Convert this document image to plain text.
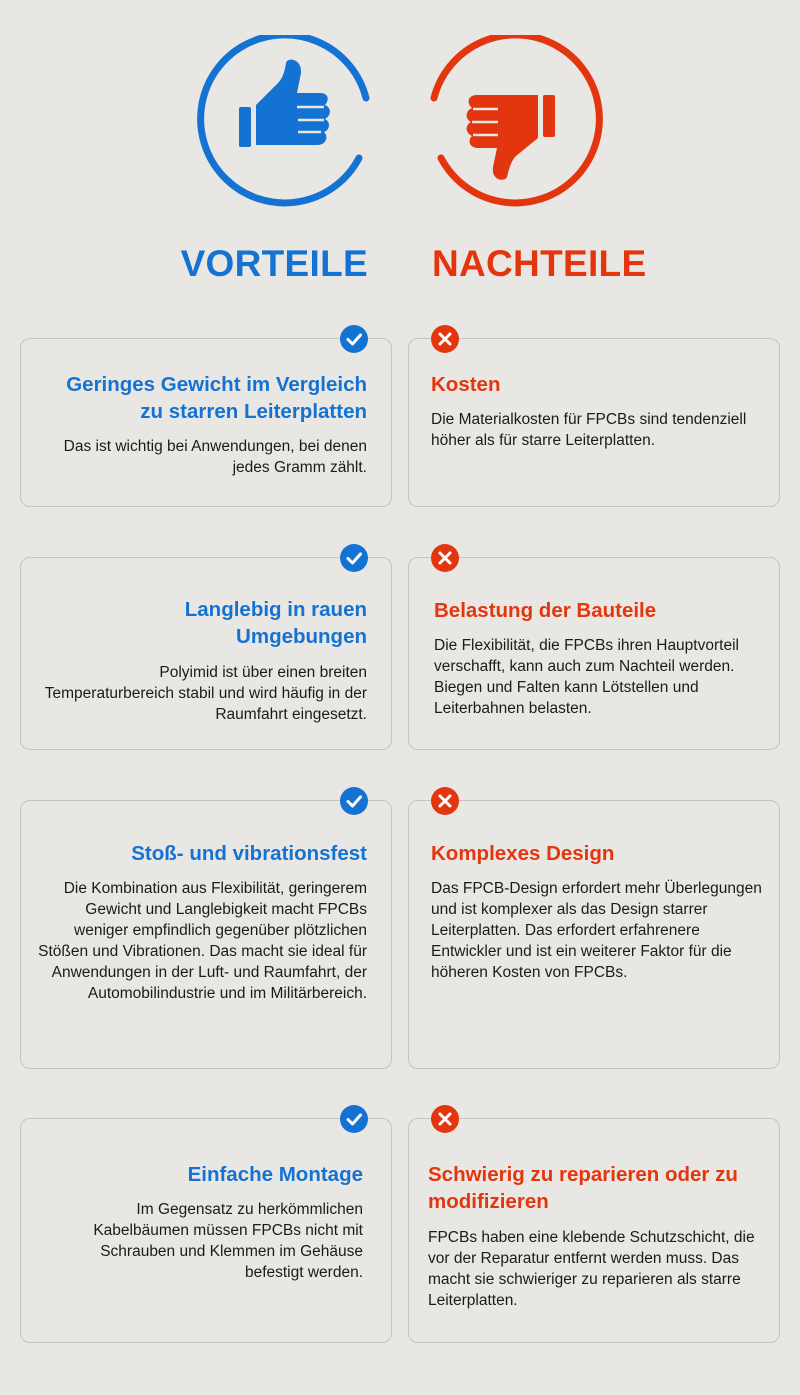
VORTEILE NACHTEILE
Geringes Gewicht im Vergleich zu starren Leiterplatten

Das ist wichtig bei Anwendungen, bei denen jedes Gramm zählt.

Kosten

Die Materialkosten für FPCBs sind tendenziell höher als für starre Leiterplatten.

Langlebig in rauen Umgebungen

Polyimid ist über einen breiten Temperaturbereich stabil und wird häufig in der Raumfahrt eingesetzt.

Belastung der Bauteile

Die Flexibilität, die FPCBs ihren Hauptvorteil verschafft, kann auch zum Nachteil werden. Biegen und Falten kann Lötstellen und Leiterbahnen belasten.

Stoß- und vibrationsfest

Die Kombination aus Flexibilität, geringerem Gewicht und Langlebigkeit macht FPCBs weniger empfindlich gegenüber plötzlichen Stößen und Vibrationen. Das macht sie ideal für Anwendungen in der Luft- und Raumfahrt, der Automobilindustrie und im Militärbereich.

Komplexes Design

Das FPCB-Design erfordert mehr Überlegungen und ist komplexer als das Design starrer Leiterplatten. Das erfordert erfahrenere Entwickler und ist ein weiterer Faktor für die höheren Kosten von FPCBs.

Einfache Montage

Im Gegensatz zu herkömmlichen Kabelbäumen müssen FPCBs nicht mit Schrauben und Klemmen im Gehäuse befestigt werden.

Schwierig zu reparieren oder zu modifizieren

FPCBs haben eine klebende Schutzschicht, die vor der Reparatur entfernt werden muss. Das macht sie schwieriger zu reparieren als starre Leiterplatten.
